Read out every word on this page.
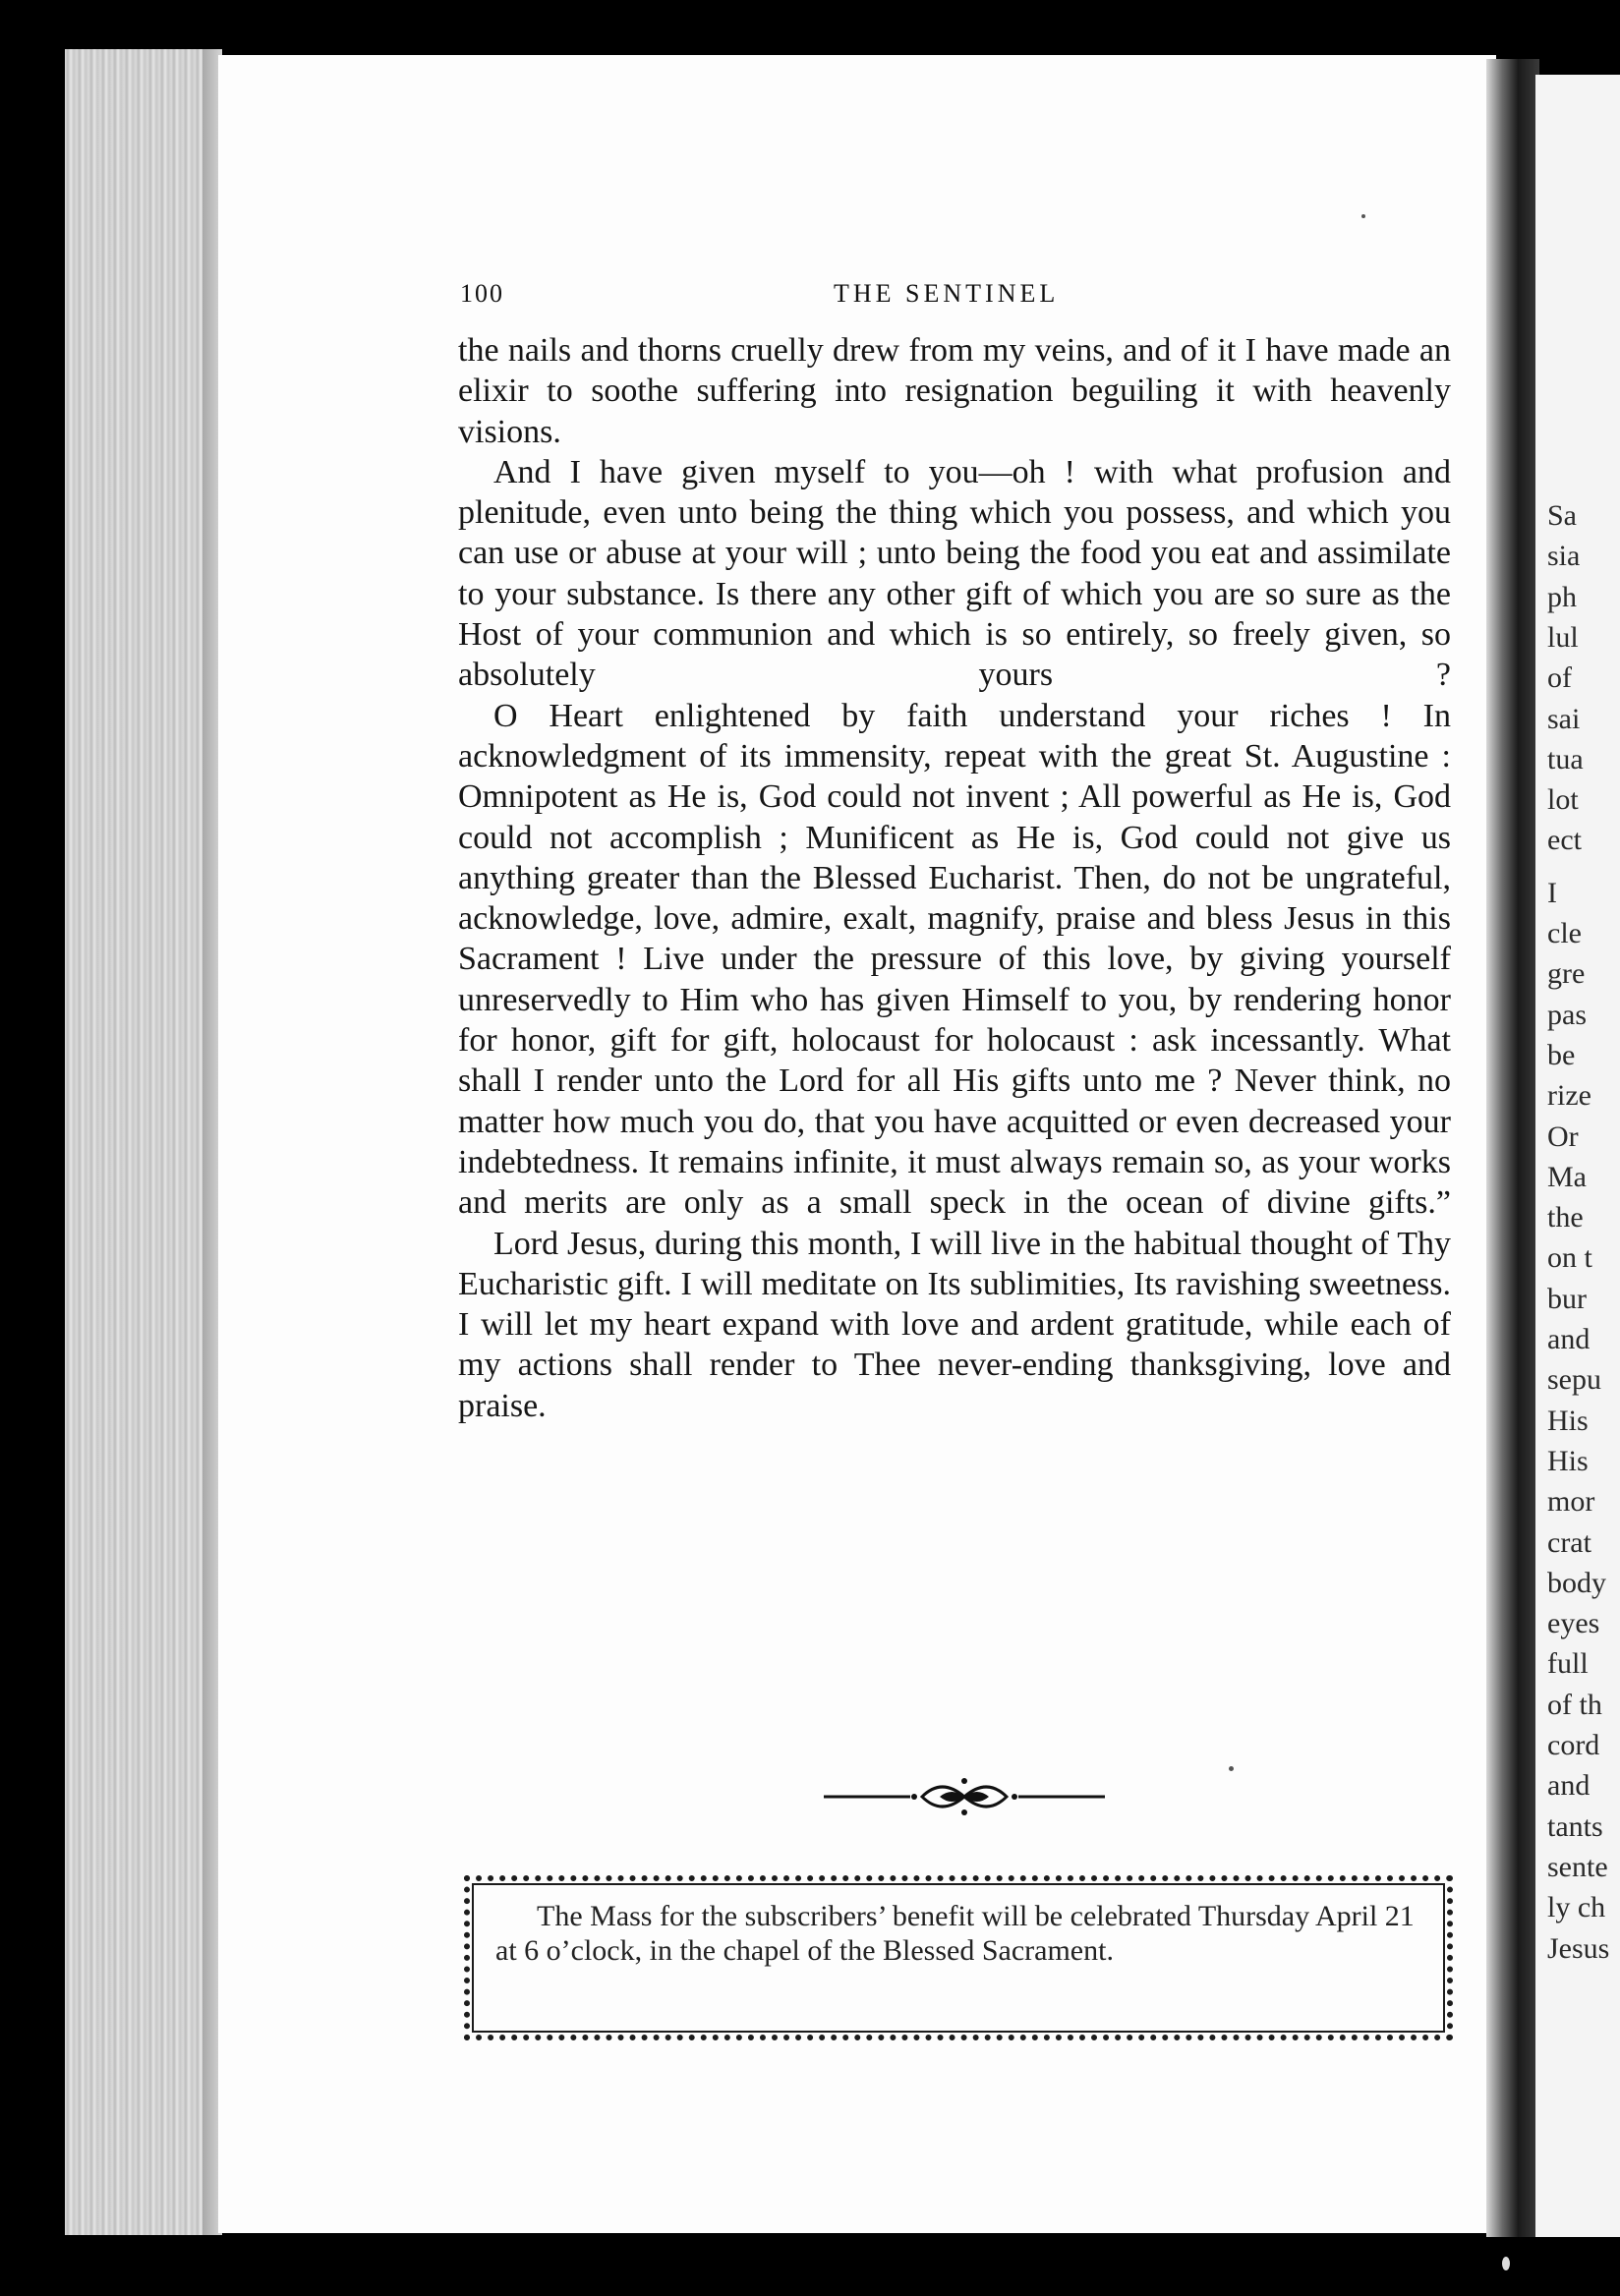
100	THE SENTINEL

the nails and thorns cruelly drew from my veins, and of it I have made an elixir to soothe suffering into resignation beguiling it with heavenly visions.

And I have given myself to you—oh ! with what profusion and plenitude, even unto being the thing which you possess, and which you can use or abuse at your will ; unto being the food you eat and assimilate to your substance. Is there any other gift of which you are so sure as the Host of your communion and which is so entirely, so freely given, so absolutely yours ?

O Heart enlightened by faith understand your riches ! In acknowledgment of its immensity, repeat with the great St. Augustine : Omnipotent as He is, God could not invent ; All powerful as He is, God could not accomplish ; Munificent as He is, God could not give us anything greater than the Blessed Eucharist. Then, do not be ungrateful, acknowledge, love, admire, exalt, magnify, praise and bless Jesus in this Sacrament ! Live under the pressure of this love, by giving yourself unreservedly to Him who has given Himself to you, by rendering honor for honor, gift for gift, holocaust for holocaust : ask incessantly. What shall I render unto the Lord for all His gifts unto me ? Never think, no matter how much you do, that you have acquitted or even decreased your indebtedness. It remains infinite, it must always remain so, as your works and merits are only as a small speck in the ocean of divine gifts.”

Lord Jesus, during this month, I will live in the habitual thought of Thy Eucharistic gift. I will meditate on Its sublimities, Its ravishing sweetness. I will let my heart expand with love and ardent gratitude, while each of my actions shall render to Thee never-ending thanksgiving, love and praise.

The Mass for the subscribers’ benefit will be celebrated Thursday April 21 at 6 o’clock, in the chapel of the Blessed Sacrament.

Sa
sia
ph
lul
of
sai
tua
lot
ect
I
cle
gre
pas
be
rize
Or
Ma
the
on t
bur
and
sepu
His
His
mor
crat
body
eyes
full
of th
cord
and
tants
sente
ly ch
Jesus
